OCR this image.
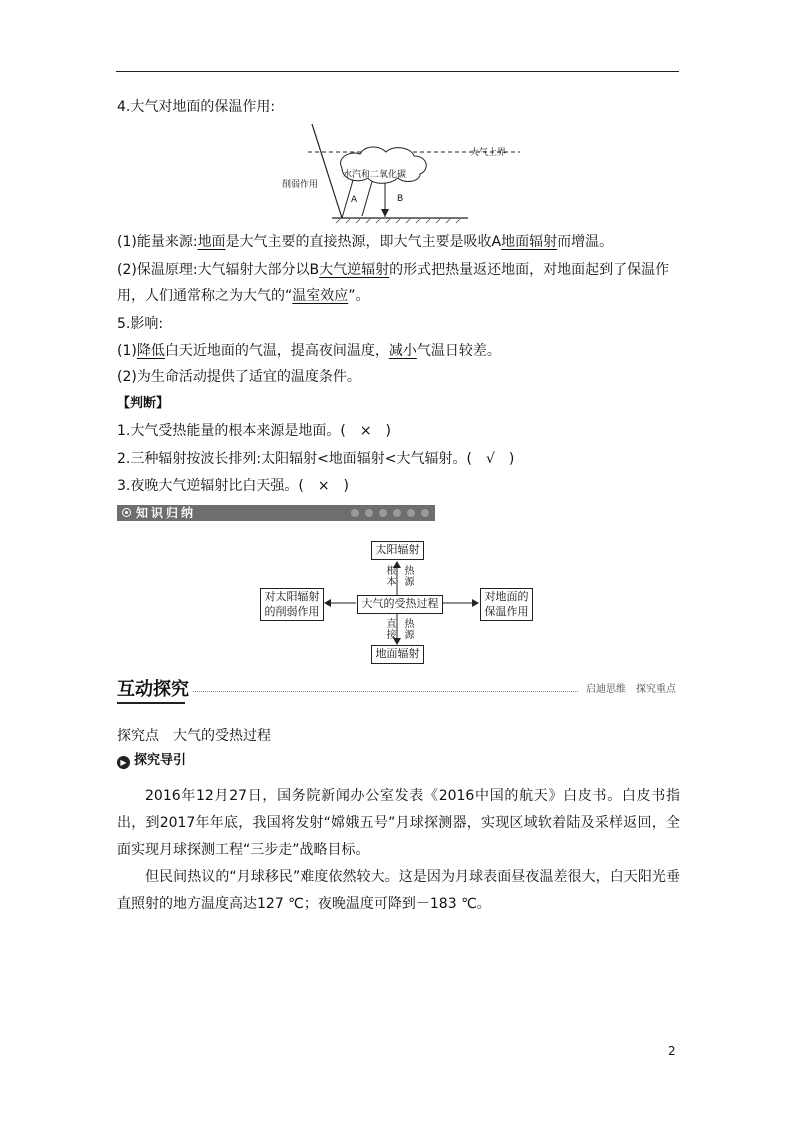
4.大气对地面的保温作用:
大气上界
削弱作用
水汽和二氧化碳
A	B
(1)能量来源:地面是大气主要的直接热源，即大气主要是吸收A地面辐射而增温。
(2)保温原理:大气辐射大部分以B大气逆辐射的形式把热量返还地面，对地面起到了保温作
用，人们通常称之为大气的“温室效应”。
5.影响:
(1)降低白天近地面的气温，提高夜间温度，减小气温日较差。
(2)为生命活动提供了适宜的温度条件。
【判断】
1.大气受热能量的根本来源是地面。(　×　)
2.三种辐射按波长排列:太阳辐射<地面辐射<大气辐射。(　√　)
3.夜晚大气逆辐射比白天强。(　×　)
知识归纳
太阳辐射
大气的受热过程
对太阳辐射
的削弱作用
对地面的
保温作用
地面辐射
根本
热源
直接
热源
互动探究	启迪思维　探究重点
探究点　大气的受热过程
▶ 探究导引
2016年12月27日，国务院新闻办公室发表《2016中国的航天》白皮书。白皮书指出，到2017年年底，我国将发射“嫦娥五号”月球探测器，实现区域软着陆及采样返回，全面实现月球探测工程“三步走”战略目标。
但民间热议的“月球移民”难度依然较大。这是因为月球表面昼夜温差很大，白天阳光垂直照射的地方温度高达127 ℃；夜晚温度可降到－183 ℃。
2
